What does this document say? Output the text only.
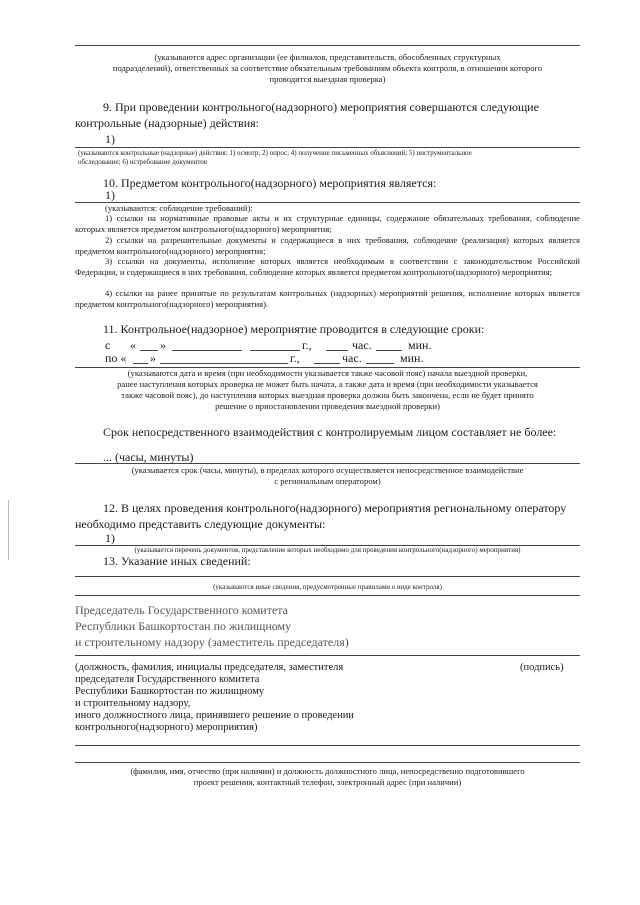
(указываются адрес организации (ее филиалов, представительств, обособленных структурных
подразделений), ответственных за соответствие обязательным требованиям объекта контроля, в отношении которого
проводится выездная проверка)
9. При проведении контрольного(надзорного) мероприятия совершаются следующие
контрольные (надзорные) действия:
1)
(указываются контрольные (надзорные) действия: 1) осмотр; 2) опрос; 4) получение письменных объяснений; 5) инструментальное
обследование; 6) истребование документов
10. Предметом контрольного(надзорного) мероприятия является:
1)
(указываются: соблюдение требований):
1) ссылки на нормативные правовые акты и их структурные единицы, содержание обязательных требования, соблюдение которых является предметом контрольного(надзорного) мероприятия;
2) ссылки на разрешительные документы и содержащиеся в них требования, соблюдение (реализация) которых является предметом контрольного(надзорного) мероприятия;
3) ссылки на документы, исполнение которых является необходимым в соответствии с законодательством Российской Федерации, и содержащиеся в них требования, соблюдение которых является предметом контрольного(надзорного) мероприятия;
4) ссылки на ранее принятые по результатам контрольных (надзорных) мероприятий решения, исполнение которых является предметом контрольного(надзорного) мероприятия).
11. Контрольное(надзорное) мероприятие проводится в следующие сроки:
с « »	г.,	час.	мин.
по « »	г.,	час.	мин.
(указываются дата и время (при необходимости указывается также часовой пояс) начала выездной проверки,
ранее наступления которых проверка не может быть начата, а также дата и время (при необходимости указывается
также часовой пояс), до наступления которых выездная проверка должна быть закончена, если не будет принято
решение о приостановлении проведения выездной проверки)
Срок непосредственного взаимодействия с контролируемым лицом составляет не более:
... (часы, минуты)
(указывается срок (часы, минуты), в пределах которого осуществляется непосредственное взаимодействие
с региональным оператором)
12. В целях проведения контрольного(надзорного) мероприятия региональному оператору
необходимо представить следующие документы:
1)
(указывается перечень документов, представление которых необходимо для проведения контрольного(надзорного) мероприятия)
13. Указание иных сведений:
(указываются иные сведения, предусмотренные правилами о виде контроля)
Председатель Государственного комитета
Республики Башкортостан по жилищному
и строительному надзору (заместитель председателя)
(должность, фамилия, инициалы председателя, заместителя
председателя Государственного комитета
Республики Башкортостан по жилищному
и строительному надзору,
иного должностного лица, принявшего решение о проведении
контрольного(надзорного) мероприятия)
(подпись)
(фамилия, имя, отчество (при наличии) и должность должностного лица, непосредственно подготовившего
проект решения, контактный телефон, электронный адрес (при наличии)
